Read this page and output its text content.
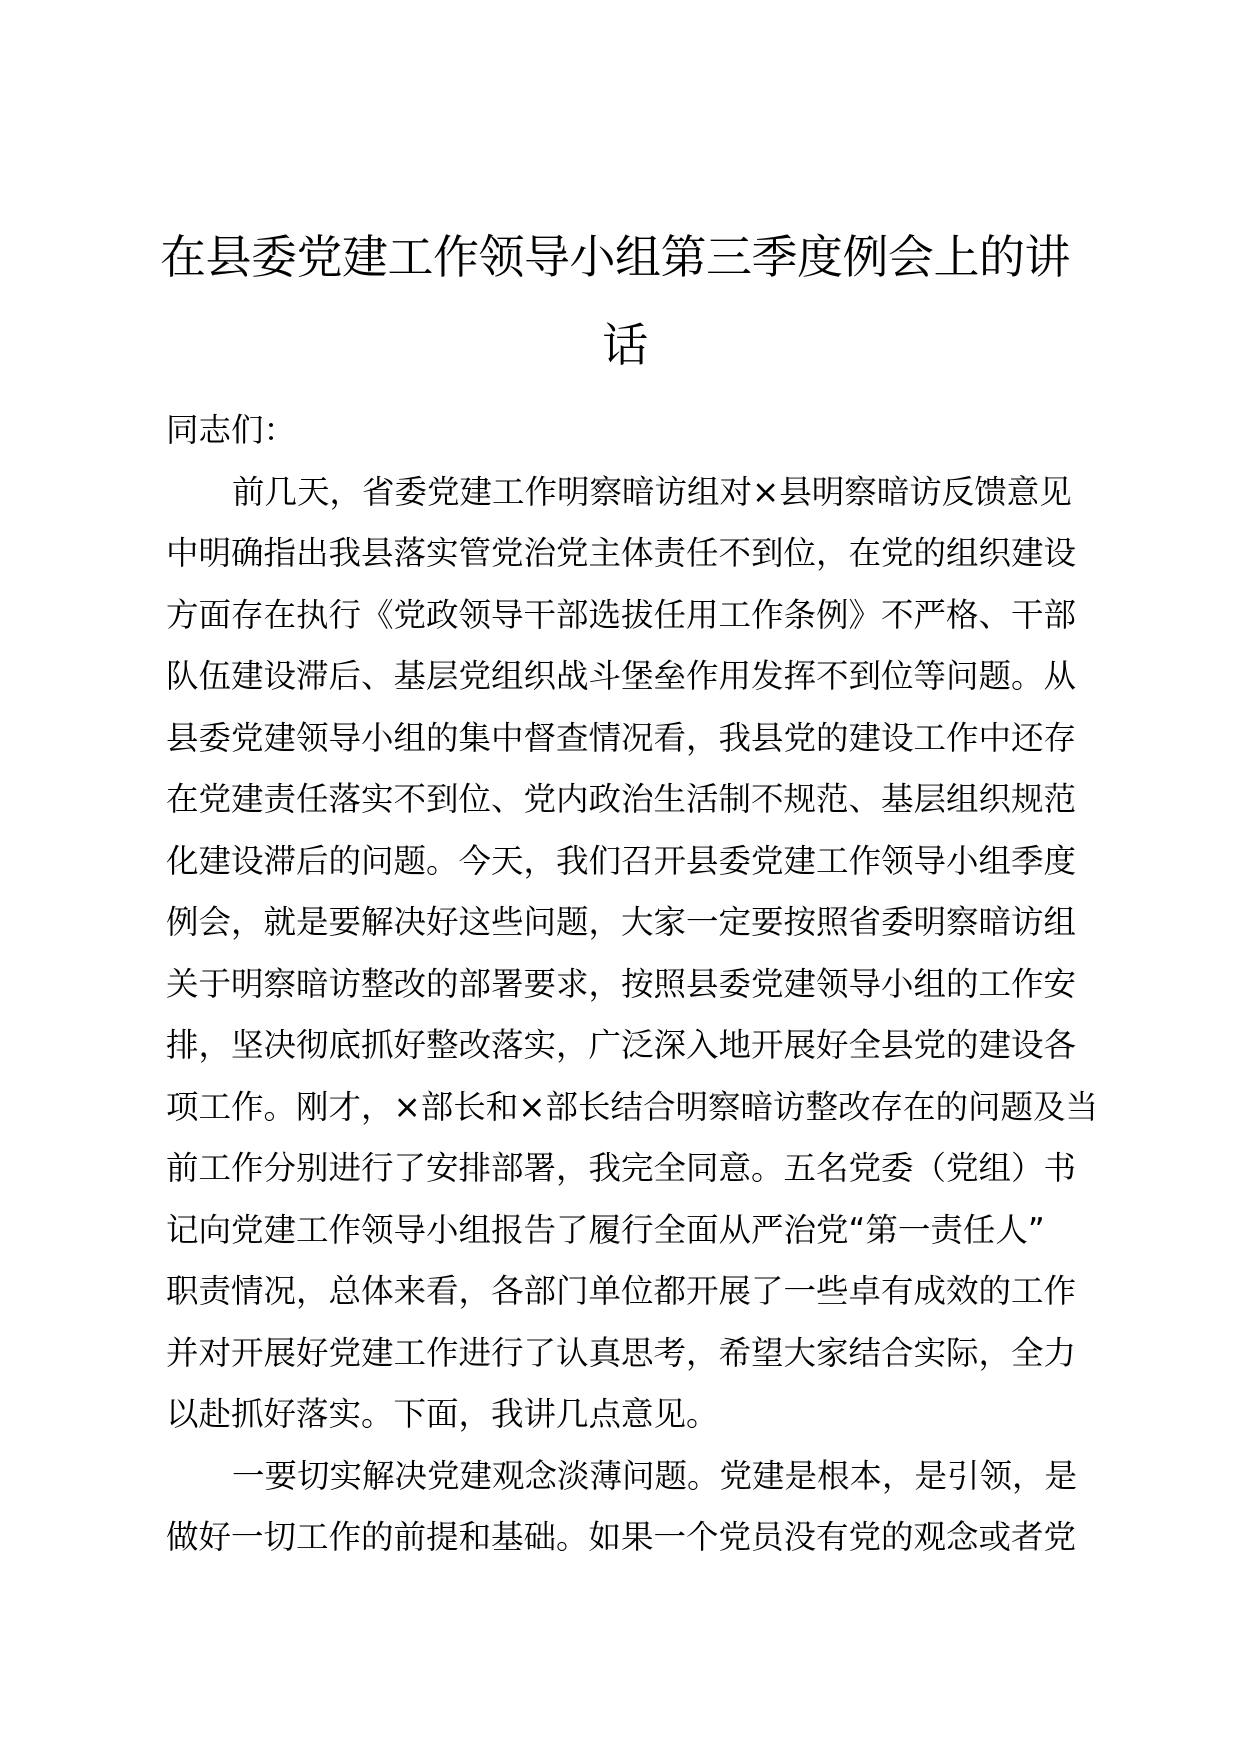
在县委党建工作领导小组第三季度例会上的讲
话
同志们：
前几天，省委党建工作明察暗访组对×县明察暗访反馈意见
中明确指出我县落实管党治党主体责任不到位，在党的组织建设
方面存在执行《党政领导干部选拔任用工作条例》不严格、干部
队伍建设滞后、基层党组织战斗堡垒作用发挥不到位等问题。从
县委党建领导小组的集中督查情况看，我县党的建设工作中还存
在党建责任落实不到位、党内政治生活制不规范、基层组织规范
化建设滞后的问题。今天，我们召开县委党建工作领导小组季度
例会，就是要解决好这些问题，大家一定要按照省委明察暗访组
关于明察暗访整改的部署要求，按照县委党建领导小组的工作安
排，坚决彻底抓好整改落实，广泛深入地开展好全县党的建设各
项工作。刚才，×部长和×部长结合明察暗访整改存在的问题及当
前工作分别进行了安排部署，我完全同意。五名党委（党组）书
记向党建工作领导小组报告了履行全面从严治党“第一责任人”
职责情况，总体来看，各部门单位都开展了一些卓有成效的工作
并对开展好党建工作进行了认真思考，希望大家结合实际，全力
以赴抓好落实。下面，我讲几点意见。
一要切实解决党建观念淡薄问题。党建是根本，是引领，是
做好一切工作的前提和基础。如果一个党员没有党的观念或者党
